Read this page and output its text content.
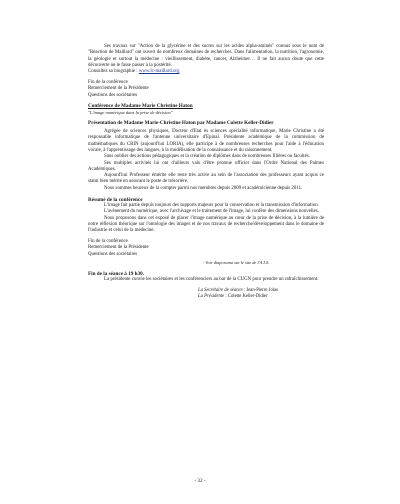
Ses travaux sur "Action de la glycérine et des sucres sur les acides alpha-aminés" connus sous le nom de "Réaction de Maillard" ont ouvert de nombreux domaines de recherches. Dans l'alimentation, la nutrition, l'agronomie, la géologie et surtout la médecine : vieillissement, diabète, cancer, Alzheimer… Il ne fait aucun doute que cette découverte ne le fasse passer à la postérité.

Consultez sa biographie : www.lc-maillard.org

Fin de la conférence

Remerciement de la Présidente

Questions des sociétaires

Conférence de Madame Marie Christine Haton

"L'image numérique dans la prise de décision"

Présentation de Madame Marie-Christine Haton par Madame Colette Keller-Didier

Agrégée de sciences physiques, Docteur d'Etat ès sciences spécialité informatique, Marie Christine a été responsable informatique de l'antenne universitaire d'Epinal. Présidente académique de la commission de mathématiques du CRIN (aujourd'hui LORIA), elle participe à de nombreuses recherches pour l'aide à l'éducation vocale, à l'apprentissage des langues, à la modélisation de la connaissance et du raisonnement.

Sans oublier des actions pédagogiques et la création de diplômes dans de nombreuses filières ou facultés.

Ses multiples activités lui ont d'ailleurs valu d'être promue officier dans l'Ordre National des Palmes Académiques.

Aujourd'hui Professeur émérite elle reste très active au sein de l'association des professeurs ayant acquis ce statut bien mérité en assurant le poste de trésorière.

Nous sommes heureux de la compter parmi nos membres depuis 2009 et académicienne depuis 2011.

Résumé de la conférence

L'image fait partie depuis toujours des supports majeurs pour la conservation et la transmission d'information.

L'avènement du numérique, avec l'archivage et le traitement de l'image, lui confère des dimensions nouvelles.

Nous proposons dans cet exposé de placer l'image numérique au cœur de la prise de décision, à la lumière de notre réflexion théorique sur l'ontologie des images et de nos travaux de recherche/développement dans le domaine de l'industrie et celui de la médecine.

Fin de la conférence

Remerciement de la Présidente

Questions des sociétaires

- Voir diaporama sur le site de l'A.I.S.

Fin de la séance à 19 h30.

La présidente convie les sociétaires et les conférenciers au bar de la CUGN pour prendre un rafraîchissement.

La Secrétaire de séance : Jean-Pierre Jolas

La Présidente : Colette Keller-Didier

- 32 -
